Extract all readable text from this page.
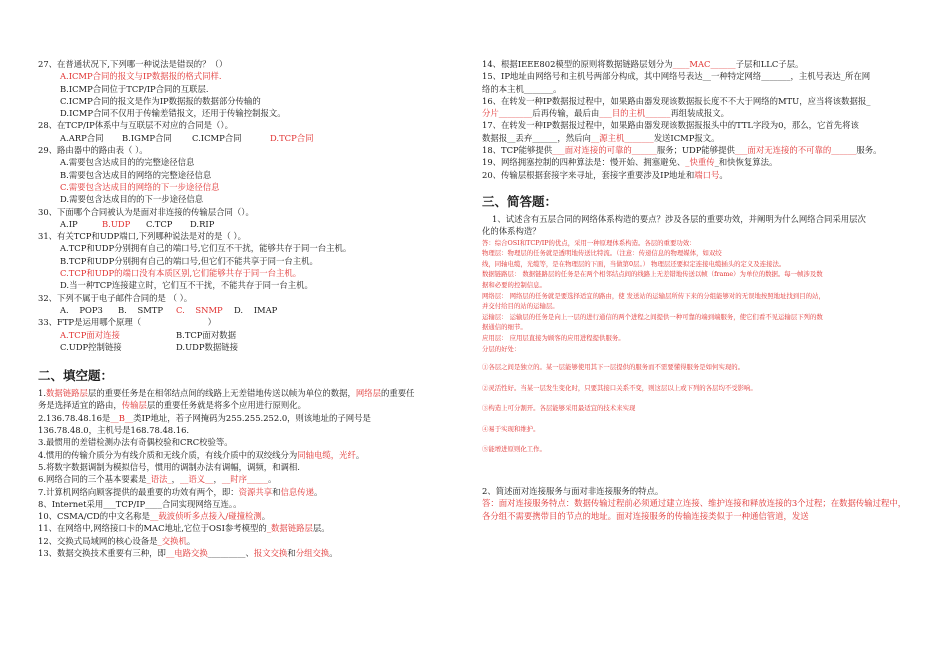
27、在普通状况下,下列哪一种说法是错误的？（）
A.ICMP合同的报文与IP数据报的格式同样.
B.ICMP合同位于TCP/IP合同的互联层.
C.ICMP合同的报文是作为IP数据报的数据部分传输的
D.ICMP合同不仅用于传输差错报文，还用于传输控制报文。
28、在TCP/IP体系中与互联层不对应的合同是（）。
A.ARP合同 B.IGMP合同 C.ICMP合同	D.TCP合同
29、路由器中的路由表（ ）。
A.需要包含达成目的的完整途径信息
B.需要包含达成目的网络的完整途径信息
C.需要包含达成目的网络的下一步途径信息
D.需要包含达成目的的下一步途径信息
30、下面哪个合同被认为是面对非连接的传输层合同（）。
A.IP	B.UDP C.TCP D.RIP
31、有关TCP和UDP端口,下列哪种说法是对的是（ ）。
A.TCP和UDP分别拥有自己的端口号,它们互不干扰，能够共存于同一台主机。
B.TCP和UDP分别拥有自己的端口号,但它们不能共享于同一台主机。
C.TCP和UDP的端口没有本质区别,它们能够共存于同一台主机。
D.当一种TCP连接建立时，它们互不干扰，不能共存于同一台主机。
32、下列不属于电子邮件合同的是 （ ）。
A.    POP3 B.    SMTP C.    SNMP D.    IMAP
33、FTP是运用哪个原理（                         ）
A.TCP面对连接	B.TCP面对数据
C.UDP控制链接	D.UDP数据链接
二、填空题：
1.数据链路层层的重要任务是在相邻结点间的线路上无差错地传送以帧为单位的数据，网络层的重要任
务是选择适宜的路由，传输层层的重要任务就是将多个应用进行原则化。
2.136.78.48.16是__B__类IP地址，若子网掩码为255.255.252.0，则该地址的子网号是
136.78.48.0，主机号是168.78.48.16.
3.最惯用的差错检测办法有奇偶校验和CRC校验等。
4.惯用的传输介质分为有线介质和无线介质，有线介质中的双绞线分为同轴电缆，光纤。
5.将数字数据调制为模拟信号，惯用的调制办法有调幅，调频，和调相.
6.网络合同的三个基本要素是_语法_，__语义__，__时序_____。
7.计算机网络向顾客提供的最重要的功效有两个，即：资源共享和信息传递。
8、Internet采用___TCP/IP____合同实现网络互连。。
10、CSMA/CD的中文名称是__载波侦听多点接入/碰撞检测。
11、在网络中,网络接口卡的MAC地址,它位于OSI参考模型的_数据链路层层。
12、交换式局域网的核心设备是_交换机。
13、数据交换技术重要有三种，即__电路交换_________、报文交换和分组交换。
14、根据IEEE802模型的原则将数据链路层划分为____MAC______子层和LLC子层。
15、IP地址由网络号和主机号两部分构成，其中网络号表达__一种特定网络_______，主机号表达_所在网
络的本主机_______。
16、在转发一种IP数据报过程中，如果路由器发现该数据报长度不不大于网络的MTU，应当将该数据报_
分片________后再传输，最后由___目的主机______再组装成报文。
17、在转发一种IP数据报过程中，如果路由器发现该数据报报头中的TTL字段为0，那么，它首先将该
数据报__丢弃______，然后向__源主机_______发送ICMP报文。
18、TCP能够提供___面对连接的可靠的______服务；UDP能够提供___面对无连接的不可靠的______服务。
19、网络拥塞控制的四种算法是：慢开始、拥塞避免、_快重传_和快恢复算法。
20、传输层根据套接字来寻址，套接字重要涉及IP地址和端口号。
三、简答题：
1、试述含有五层合同的网络体系构造的要点？涉及各层的重要功效，并阐明为什么网络合同采用层次
化的体系构造？
答：综合OSI和TCP/IP的优点，采用一种原理体系构造。各层的重要功效：
物理层：物理层的任务就是透明地传送比特流。（注意：传递信息的物理媒体，如双绞
线，同轴电缆，光缆等，是在物理层的下面，当做第0层。） 物理层还要拟定连接电缆插头的定义及连接法。
数据链路层： 数据链路层的任务是在两个相邻结点间的线路上无差错地传送以帧（frame）为单位的数据。每一帧涉及数
据和必要的控制信息。
网络层： 网络层的任务就是要选择适宜的路由，使 发送站的运输层所传下来的分组能够对的无误地按照地址找到目的站，
并交付给目的站的运输层。
运输层： 运输层的任务是向上一层的进行通信的两个进程之间提供一种可靠的端到端服务，使它们看不见运输层下列的数
据通信的细节。
应用层： 应用层直接为顾客的应用进程提供服务。
分层的好处：
①各层之间是独立的。某一层能够使用其下一层提供的服务而不需要懂得服务是如何实现的。
②灵活性好。当某一层发生变化时，只要其接口关系不变，则这层以上或下列的各层均不受影响。
③构造上可分割开。各层能够采用最适宜的技术来实现
④易于实现和维护。
⑤能增进原则化工作。
2、简述面对连接服务与面对非连接服务的特点。
答：面对连接服务特点：数据传输过程前必须通过建立连接、维护连接和释放连接的3个过程；在数据传输过程中，各分组不需要携带目的节点的地址。面对连接服务的传输连接类似于一种通信管道，发送
